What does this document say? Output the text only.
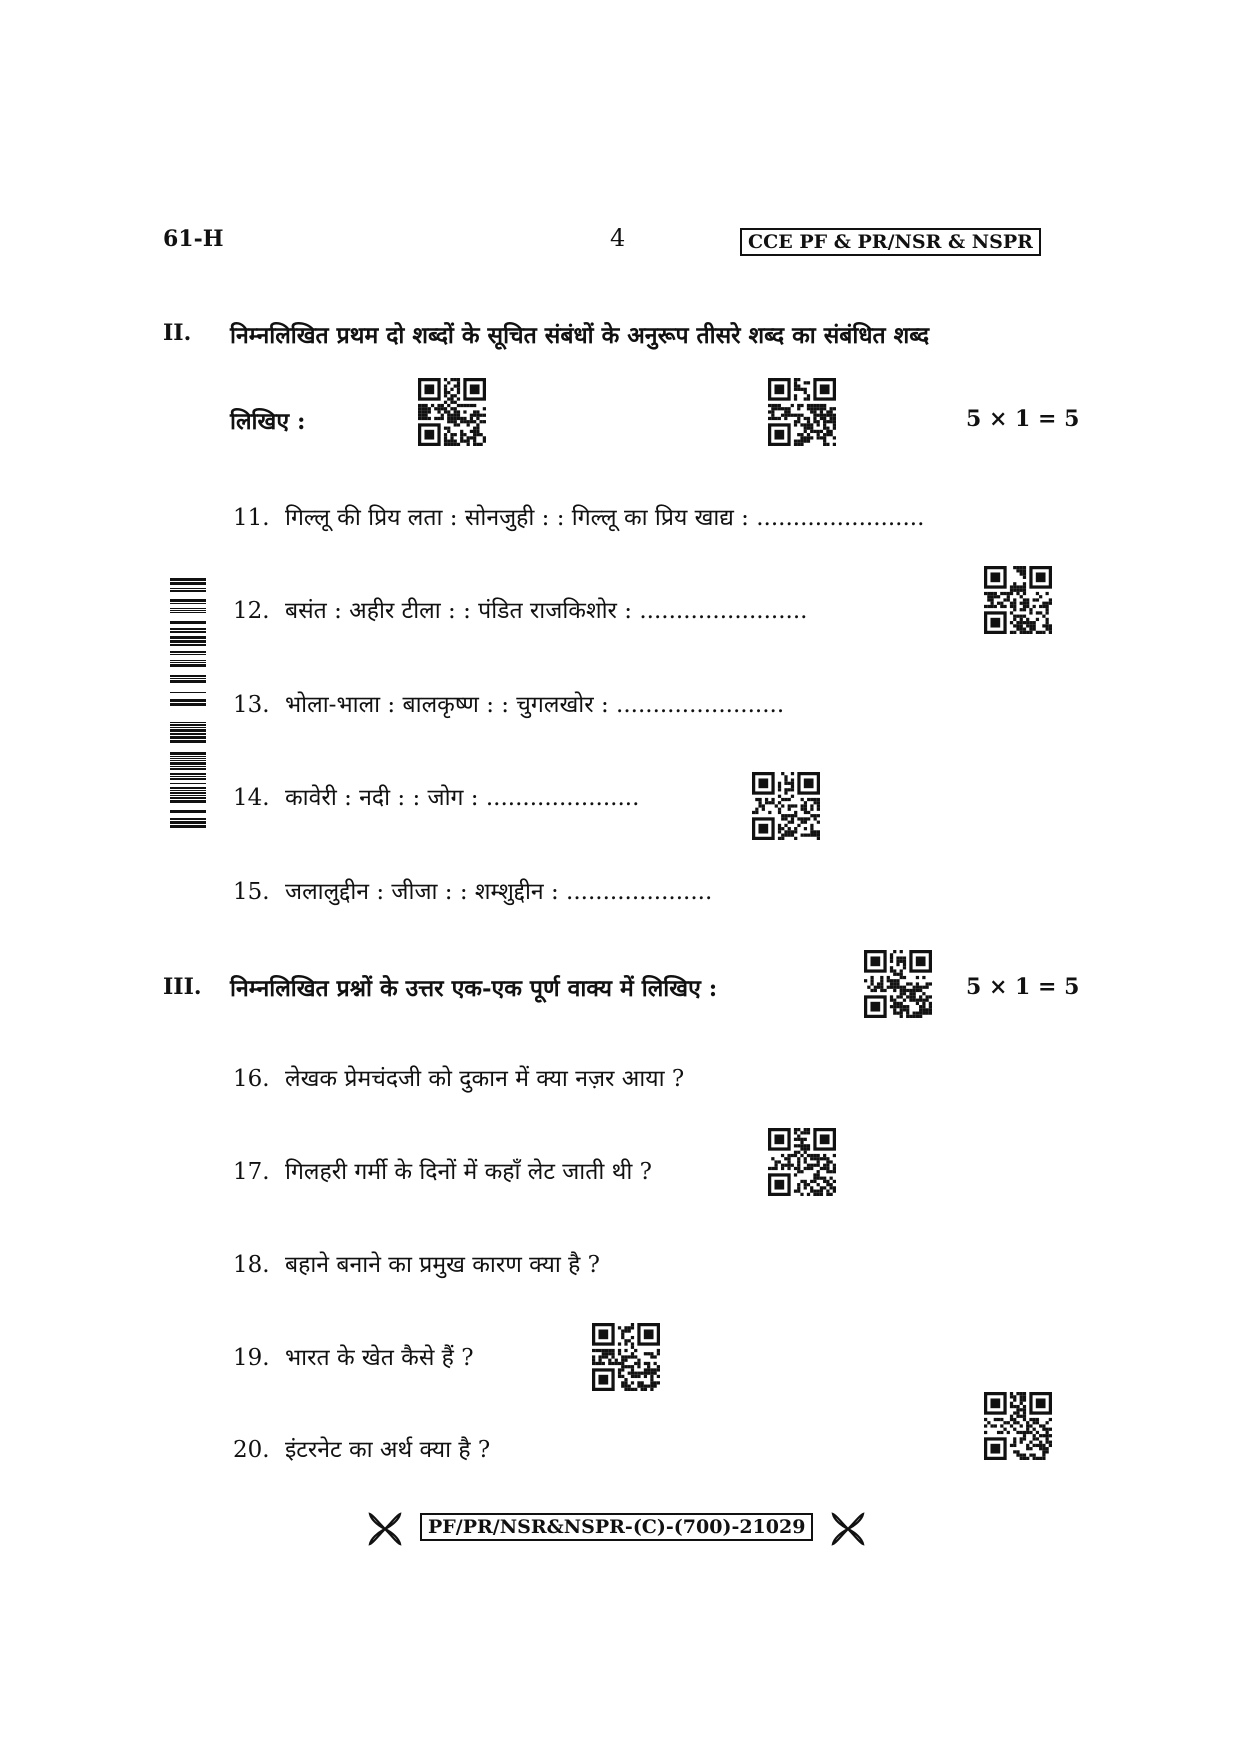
61-H	4	CCE PF & PR/NSR & NSPR
II. निम्नलिखित प्रथम दो शब्दों के सूचित संबंधों के अनुरूप तीसरे शब्द का संबंधित शब्द
लिखिए :	5 × 1 = 5
11. गिल्लू की प्रिय लता : सोनजुही : : गिल्लू का प्रिय खाद्य : .......................
12. बसंत : अहीर टीला : : पंडित राजकिशोर : .......................
13. भोला-भाला : बालकृष्ण : : चुगलखोर : .......................
14. कावेरी : नदी : : जोग : .....................
15. जलालुद्दीन : जीजा : : शम्शुद्दीन : ....................
III. निम्नलिखित प्रश्नों के उत्तर एक-एक पूर्ण वाक्य में लिखिए :	5 × 1 = 5
16. लेखक प्रेमचंदजी को दुकान में क्या नज़र आया ?
17. गिलहरी गर्मी के दिनों में कहाँ लेट जाती थी ?
18. बहाने बनाने का प्रमुख कारण क्या है ?
19. भारत के खेत कैसे हैं ?
20. इंटरनेट का अर्थ क्या है ?
PF/PR/NSR&NSPR-(C)-(700)-21029
